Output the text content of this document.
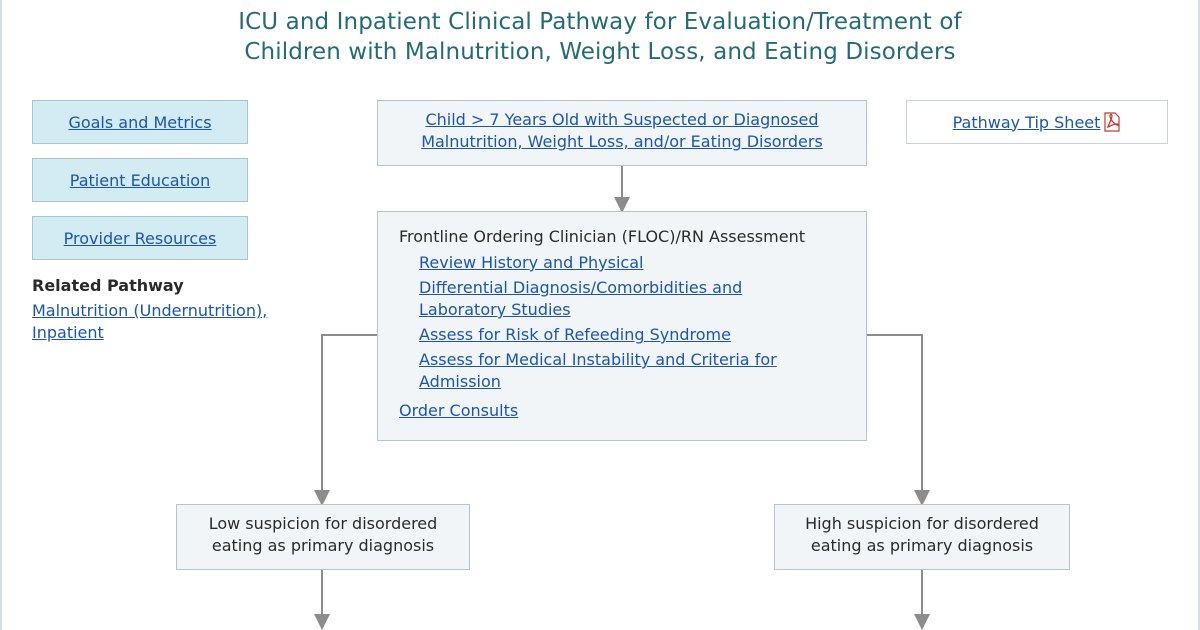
ICU and Inpatient Clinical Pathway for Evaluation/Treatment of
Children with Malnutrition, Weight Loss, and Eating Disorders
Goals and Metrics
Patient Education
Provider Resources
Related Pathway
Malnutrition (Undernutrition), Inpatient
Child > 7 Years Old with Suspected or Diagnosed
Malnutrition, Weight Loss, and/or Eating Disorders
Pathway Tip Sheet
Frontline Ordering Clinician (FLOC)/RN Assessment
Review History and Physical
Differential Diagnosis/Comorbidities and Laboratory Studies
Assess for Risk of Refeeding Syndrome
Assess for Medical Instability and Criteria for Admission
Order Consults
Low suspicion for disordered
eating as primary diagnosis
High suspicion for disordered
eating as primary diagnosis
